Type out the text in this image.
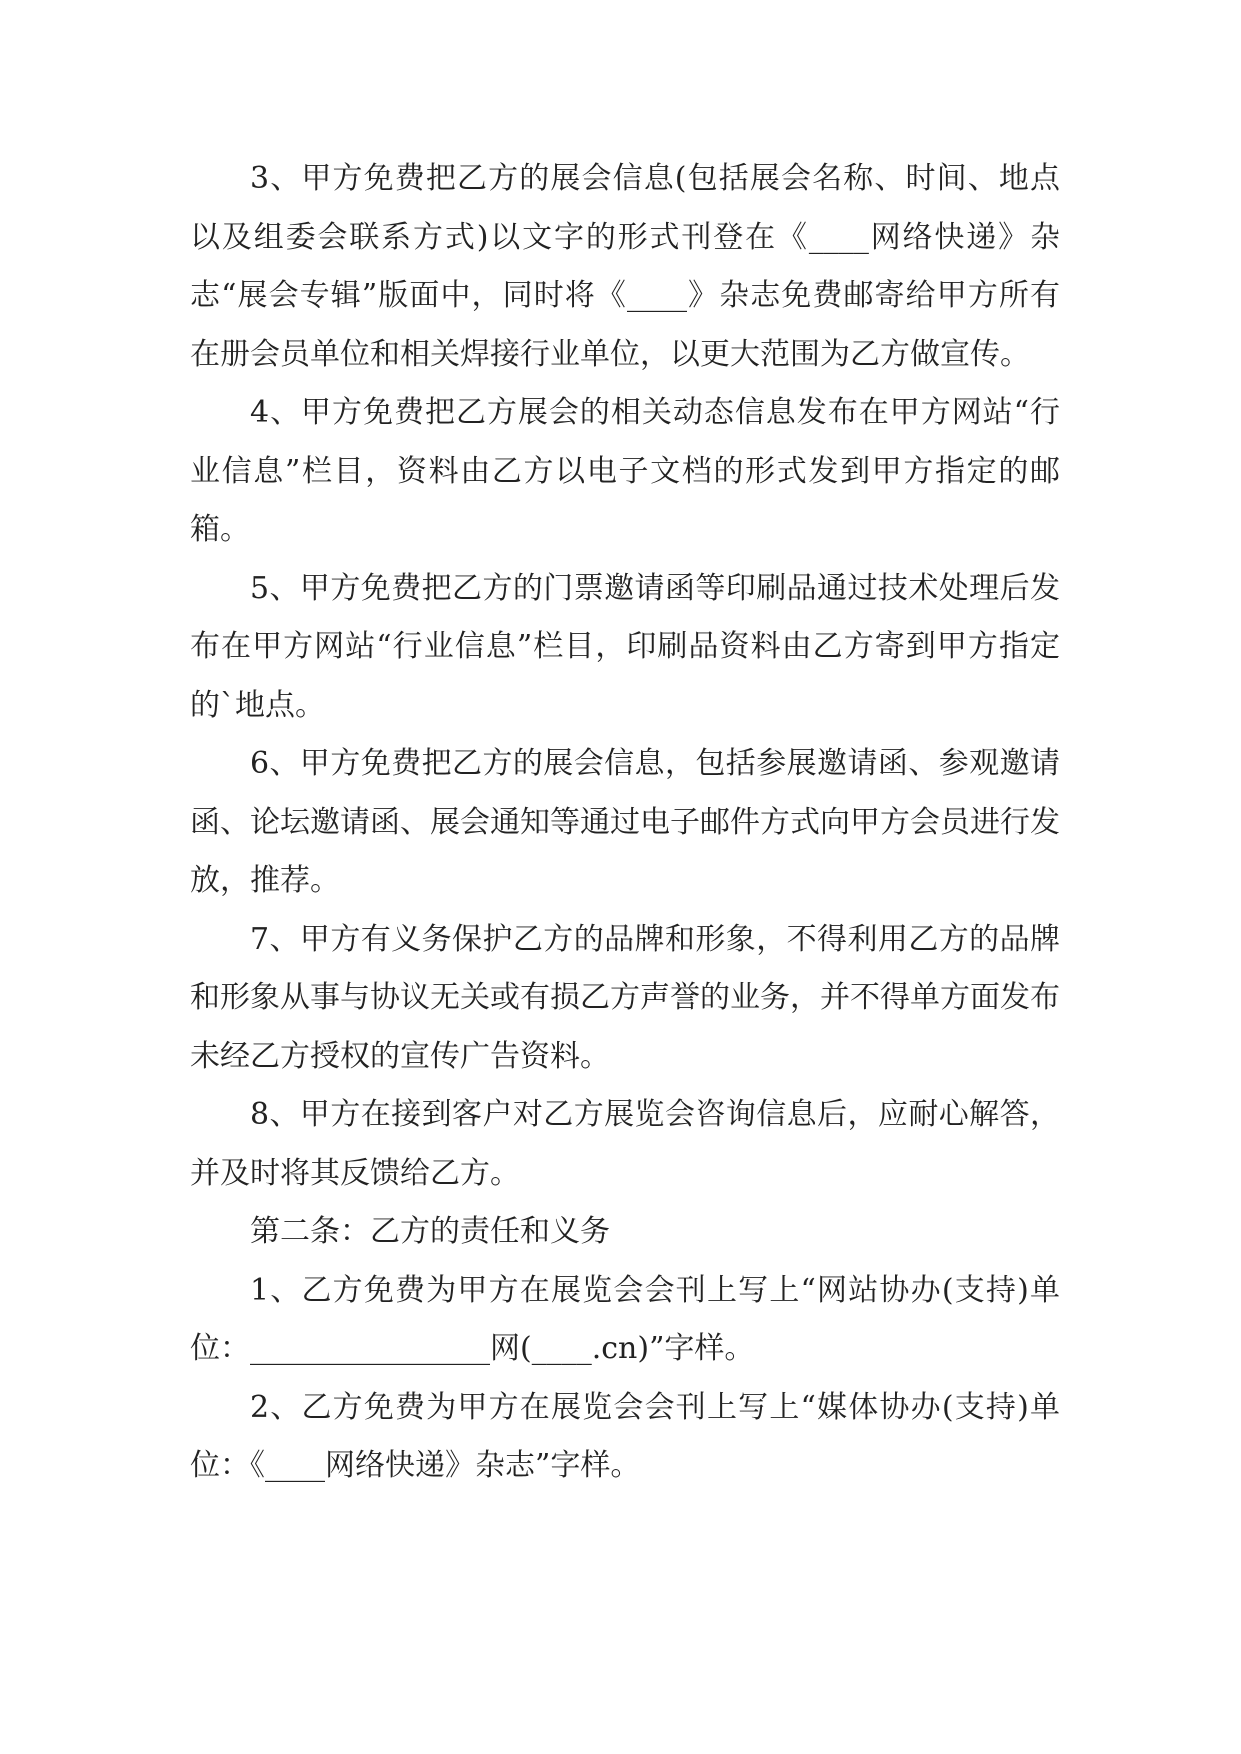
3、甲方免费把乙方的展会信息(包括展会名称、时间、地点以及组委会联系方式)以文字的形式刊登在《____网络快递》杂志“展会专辑”版面中，同时将《____》杂志免费邮寄给甲方所有在册会员单位和相关焊接行业单位，以更大范围为乙方做宣传。

4、甲方免费把乙方展会的相关动态信息发布在甲方网站“行业信息”栏目，资料由乙方以电子文档的形式发到甲方指定的邮箱。

5、甲方免费把乙方的门票邀请函等印刷品通过技术处理后发布在甲方网站“行业信息”栏目，印刷品资料由乙方寄到甲方指定的`地点。

6、甲方免费把乙方的展会信息，包括参展邀请函、参观邀请函、论坛邀请函、展会通知等通过电子邮件方式向甲方会员进行发放，推荐。

7、甲方有义务保护乙方的品牌和形象，不得利用乙方的品牌和形象从事与协议无关或有损乙方声誉的业务，并不得单方面发布未经乙方授权的宣传广告资料。

8、甲方在接到客户对乙方展览会咨询信息后，应耐心解答，并及时将其反馈给乙方。

第二条：乙方的责任和义务

1、乙方免费为甲方在展览会会刊上写上“网站协办(支持)单位：________________网(____.cn)”字样。

2、乙方免费为甲方在展览会会刊上写上“媒体协办(支持)单位：《____网络快递》杂志”字样。
